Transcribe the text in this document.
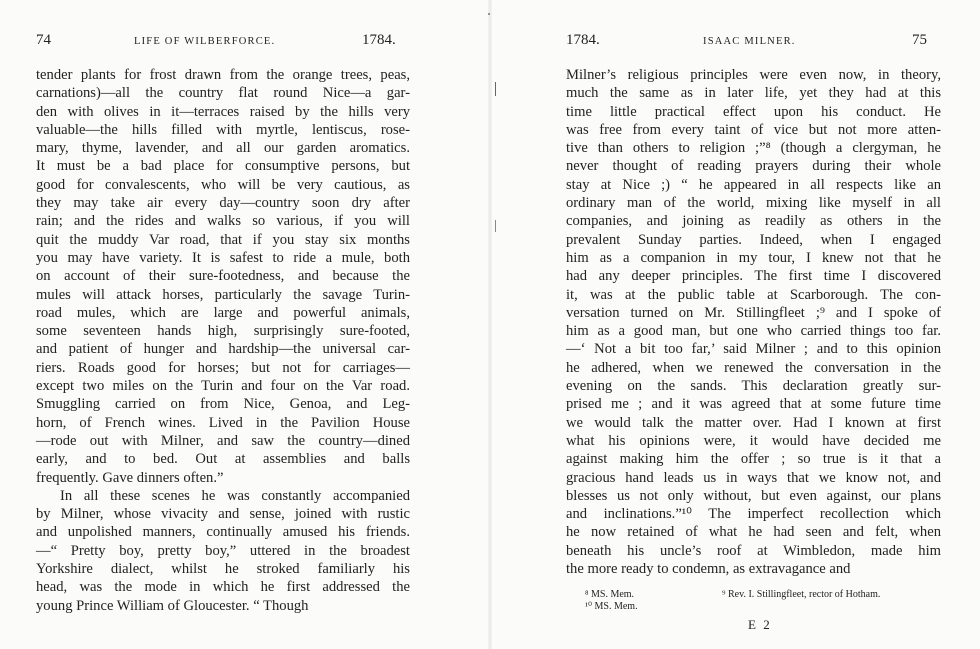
74	LIFE OF WILBERFORCE.	1784.
tender plants for frost drawn from the orange trees, peas,
carnations)—all the country flat round Nice—a gar-
den with olives in it—terraces raised by the hills very
valuable—the hills filled with myrtle, lentiscus, rose-
mary, thyme, lavender, and all our garden aromatics.
It must be a bad place for consumptive persons, but
good for convalescents, who will be very cautious, as
they may take air every day—country soon dry after
rain; and the rides and walks so various, if you will
quit the muddy Var road, that if you stay six months
you may have variety. It is safest to ride a mule, both
on account of their sure-footedness, and because the
mules will attack horses, particularly the savage Turin-
road mules, which are large and powerful animals,
some seventeen hands high, surprisingly sure-footed,
and patient of hunger and hardship—the universal car-
riers. Roads good for horses; but not for carriages—
except two miles on the Turin and four on the Var road.
Smuggling carried on from Nice, Genoa, and Leg-
horn, of French wines. Lived in the Pavilion House
—rode out with Milner, and saw the country—dined
early, and to bed. Out at assemblies and balls
frequently. Gave dinners often.”
In all these scenes he was constantly accompanied
by Milner, whose vivacity and sense, joined with rustic
and unpolished manners, continually amused his friends.
—“ Pretty boy, pretty boy,” uttered in the broadest
Yorkshire dialect, whilst he stroked familiarly his
head, was the mode in which he first addressed the
young Prince William of Gloucester. “ Though
1784.	ISAAC MILNER.	75
Milner’s religious principles were even now, in theory,
much the same as in later life, yet they had at this
time little practical effect upon his conduct. He
was free from every taint of vice but not more atten-
tive than others to religion ;”⁸ (though a clergyman, he
never thought of reading prayers during their whole
stay at Nice ;) “ he appeared in all respects like an
ordinary man of the world, mixing like myself in all
companies, and joining as readily as others in the
prevalent Sunday parties. Indeed, when I engaged
him as a companion in my tour, I knew not that he
had any deeper principles. The first time I discovered
it, was at the public table at Scarborough. The con-
versation turned on Mr. Stillingfleet ;⁹ and I spoke of
him as a good man, but one who carried things too far.
—‘ Not a bit too far,’ said Milner ; and to this opinion
he adhered, when we renewed the conversation in the
evening on the sands. This declaration greatly sur-
prised me ; and it was agreed that at some future time
we would talk the matter over. Had I known at first
what his opinions were, it would have decided me
against making him the offer ; so true is it that a
gracious hand leads us in ways that we know not, and
blesses us not only without, but even against, our plans
and inclinations.”¹⁰ The imperfect recollection which
he now retained of what he had seen and felt, when
beneath his uncle’s roof at Wimbledon, made him
the more ready to condemn, as extravagance and
⁸ MS. Mem.
¹⁰ MS. Mem.
⁹ Rev. I. Stillingfleet, rector of Hotham.
E 2
